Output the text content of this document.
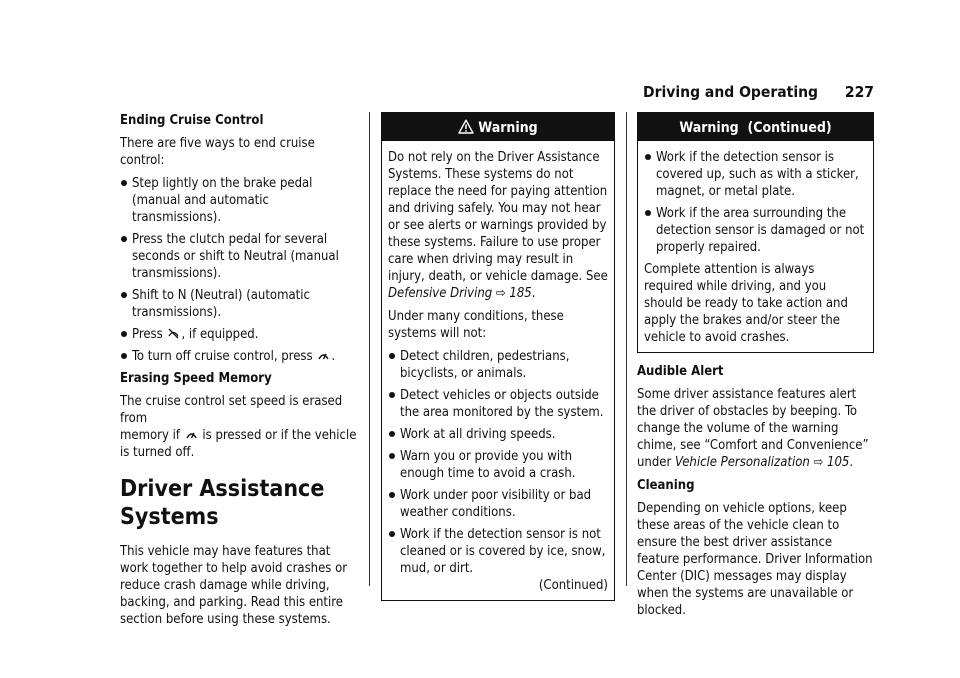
Driving and Operating 227

Ending Cruise Control

There are five ways to end cruise control:

Step lightly on the brake pedal (manual and automatic transmissions).
Press the clutch pedal for several seconds or shift to Neutral (manual transmissions).
Shift to N (Neutral) (automatic transmissions).
Press , if equipped.
To turn off cruise control, press .

Erasing Speed Memory

The cruise control set speed is erased from
memory if is pressed or if the vehicle is turned off.

Driver Assistance Systems

This vehicle may have features that work together to help avoid crashes or reduce crash damage while driving, backing, and parking. Read this entire section before using these systems.

Warning

Do not rely on the Driver Assistance Systems. These systems do not replace the need for paying attention and driving safely. You may not hear or see alerts or warnings provided by these systems. Failure to use proper care when driving may result in injury, death, or vehicle damage. See Defensive Driving ⇨ 185.

Under many conditions, these systems will not:

Detect children, pedestrians, bicyclists, or animals.
Detect vehicles or objects outside the area monitored by the system.
Work at all driving speeds.
Warn you or provide you with enough time to avoid a crash.
Work under poor visibility or bad weather conditions.
Work if the detection sensor is not cleaned or is covered by ice, snow, mud, or dirt.

(Continued)

Warning  (Continued)
Work if the detection sensor is covered up, such as with a sticker, magnet, or metal plate.
Work if the area surrounding the detection sensor is damaged or not properly repaired.

Complete attention is always required while driving, and you should be ready to take action and apply the brakes and/or steer the vehicle to avoid crashes.

Audible Alert

Some driver assistance features alert the driver of obstacles by beeping. To change the volume of the warning chime, see “Comfort and Convenience” under Vehicle Personalization ⇨ 105.

Cleaning

Depending on vehicle options, keep these areas of the vehicle clean to ensure the best driver assistance feature performance. Driver Information Center (DIC) messages may display when the systems are unavailable or blocked.
